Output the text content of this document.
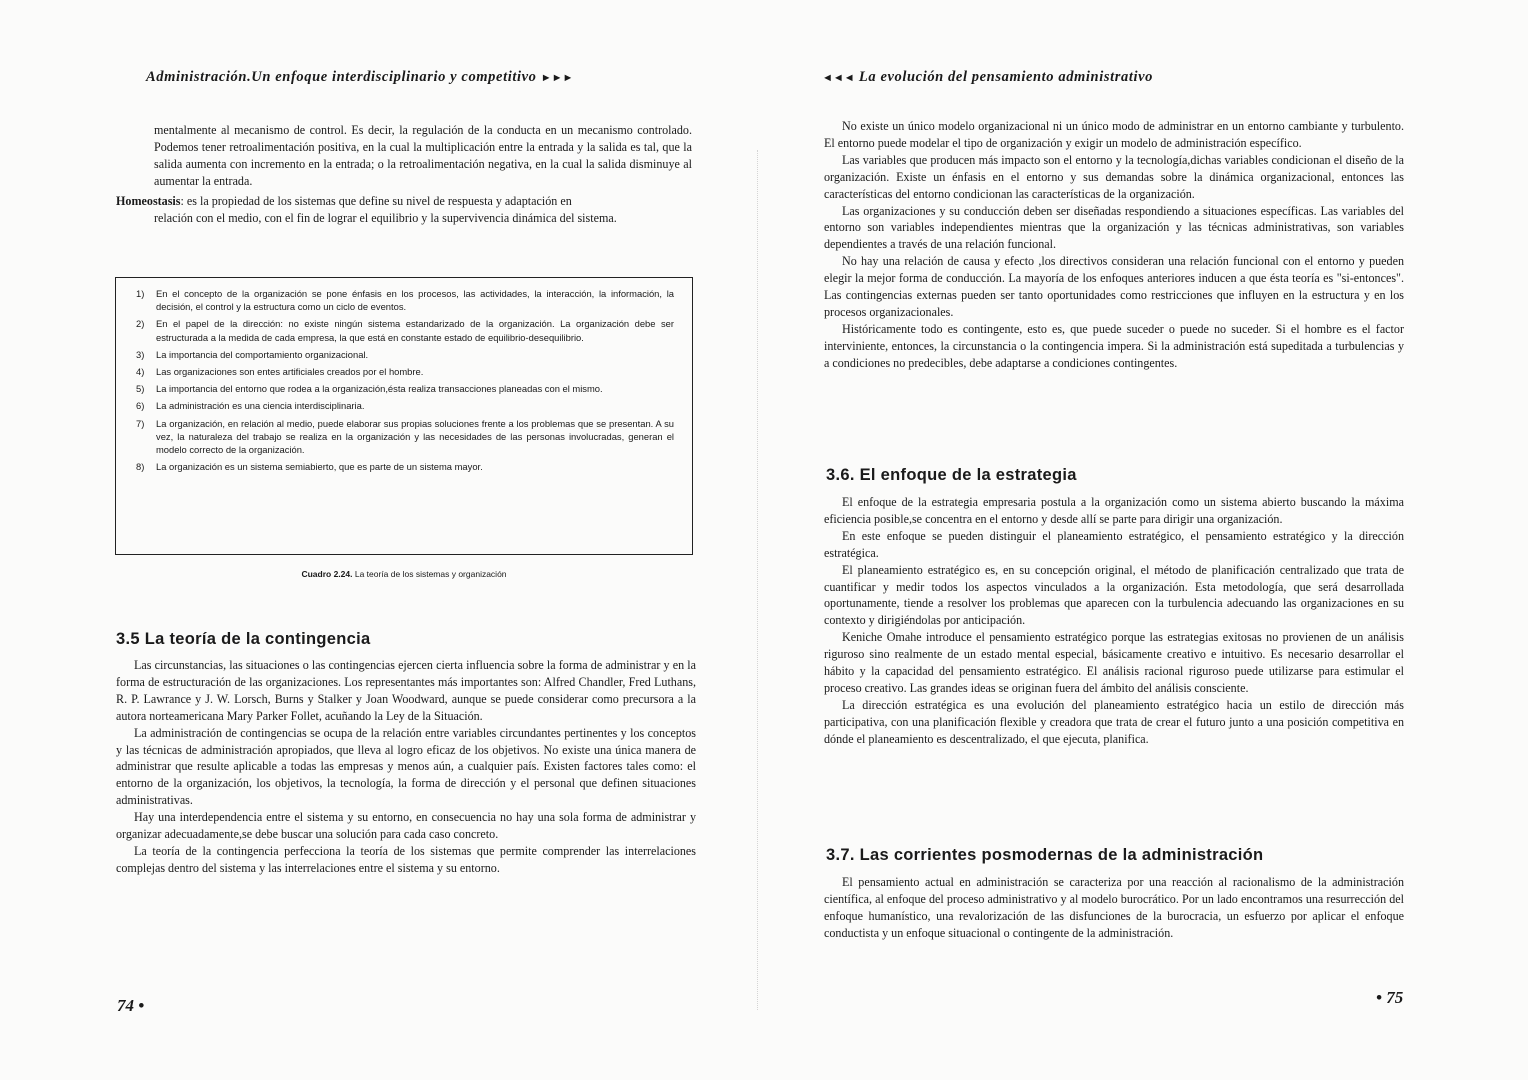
Administración.Un enfoque interdisciplinario y competitivo ►►►

mentalmente al mecanismo de control. Es decir, la regulación de la conducta en un mecanismo controlado. Podemos tener retroalimentación positiva, en la cual la multiplicación entre la entrada y la salida es tal, que la salida aumenta con incremento en la entrada; o la retroalimentación negativa, en la cual la salida disminuye al aumentar la entrada.

Homeostasis: es la propiedad de los sistemas que define su nivel de respuesta y adaptación en
relación con el medio, con el fin de lograr el equilibrio y la supervivencia dinámica del sistema.
1)	En el concepto de la organización se pone énfasis en los procesos, las actividades, la interacción, la información, la decisión, el control y la estructura como un ciclo de eventos.
2)	En el papel de la dirección: no existe ningún sistema estandarizado de la organización. La organización debe ser estructurada a la medida de cada empresa, la que está en constante estado de equilibrio-desequilibrio.
3)	La importancia del comportamiento organizacional.
4)	Las organizaciones son entes artificiales creados por el hombre.
5)	La importancia del entorno que rodea a la organización,ésta realiza transacciones planeadas con el mismo.
6)	La administración es una ciencia interdisciplinaria.
7)	La organización, en relación al medio, puede elaborar sus propias soluciones frente a los problemas que se presentan. A su vez, la naturaleza del trabajo se realiza en la organización y las necesidades de las personas involucradas, generan el modelo correcto de la organización.
8)	La organización es un sistema semiabierto, que es parte de un sistema mayor.
Cuadro 2.24. La teoría de los sistemas y organización
3.5 La teoría de la contingencia

Las circunstancias, las situaciones o las contingencias ejercen cierta influencia sobre la forma de administrar y en la forma de estructuración de las organizaciones. Los representantes más importantes son: Alfred Chandler, Fred Luthans, R. P. Lawrance y J. W. Lorsch, Burns y Stalker y Joan Woodward, aunque se puede considerar como precursora a la autora norteamericana Mary Parker Follet, acuñando la Ley de la Situación.

La administración de contingencias se ocupa de la relación entre variables circundantes pertinentes y los conceptos y las técnicas de administración apropiados, que lleva al logro eficaz de los objetivos. No existe una única manera de administrar que resulte aplicable a todas las empresas y menos aún, a cualquier país. Existen factores tales como: el entorno de la organización, los objetivos, la tecnología, la forma de dirección y el personal que definen situaciones administrativas.

Hay una interdependencia entre el sistema y su entorno, en consecuencia no hay una sola forma de administrar y organizar adecuadamente,se debe buscar una solución para cada caso concreto.

La teoría de la contingencia perfecciona la teoría de los sistemas que permite comprender las interrelaciones complejas dentro del sistema y las interrelaciones entre el sistema y su entorno.

74 •
◄◄◄ La evolución del pensamiento administrativo

No existe un único modelo organizacional ni un único modo de administrar en un entorno cambiante y turbulento. El entorno puede modelar el tipo de organización y exigir un modelo de administración específico.

Las variables que producen más impacto son el entorno y la tecnología,dichas variables condicionan el diseño de la organización. Existe un énfasis en el entorno y sus demandas sobre la dinámica organizacional, entonces las características del entorno condicionan las características de la organización.

Las organizaciones y su conducción deben ser diseñadas respondiendo a situaciones específicas. Las variables del entorno son variables independientes mientras que la organización y las técnicas administrativas, son variables dependientes a través de una relación funcional.

No hay una relación de causa y efecto ,los directivos consideran una relación funcional con el entorno y pueden elegir la mejor forma de conducción. La mayoría de los enfoques anteriores inducen a que ésta teoría es "si-entonces". Las contingencias externas pueden ser tanto oportunidades como restricciones que influyen en la estructura y en los procesos organizacionales.

Históricamente todo es contingente, esto es, que puede suceder o puede no suceder. Si el hombre es el factor interviniente, entonces, la circunstancia o la contingencia impera. Si la administración está supeditada a turbulencias y a condiciones no predecibles, debe adaptarse a condiciones contingentes.

3.6. El enfoque de la estrategia

El enfoque de la estrategia empresaria postula a la organización como un sistema abierto buscando la máxima eficiencia posible,se concentra en el entorno y desde allí se parte para dirigir una organización.

En este enfoque se pueden distinguir el planeamiento estratégico, el pensamiento estratégico y la dirección estratégica.

El planeamiento estratégico es, en su concepción original, el método de planificación centralizado que trata de cuantificar y medir todos los aspectos vinculados a la organización. Esta metodología, que será desarrollada oportunamente, tiende a resolver los problemas que aparecen con la turbulencia adecuando las organizaciones en su contexto y dirigiéndolas por anticipación.

Keniche Omahe introduce el pensamiento estratégico porque las estrategias exitosas no provienen de un análisis riguroso sino realmente de un estado mental especial, básicamente creativo e intuitivo. Es necesario desarrollar el hábito y la capacidad del pensamiento estratégico. El análisis racional riguroso puede utilizarse para estimular el proceso creativo. Las grandes ideas se originan fuera del ámbito del análisis consciente.

La dirección estratégica es una evolución del planeamiento estratégico hacia un estilo de dirección más participativa, con una planificación flexible y creadora que trata de crear el futuro junto a una posición competitiva en dónde el planeamiento es descentralizado, el que ejecuta, planifica.

3.7. Las corrientes posmodernas de la administración

El pensamiento actual en administración se caracteriza por una reacción al racionalismo de la administración científica, al enfoque del proceso administrativo y al modelo burocrático. Por un lado encontramos una resurrección del enfoque humanístico, una revalorización de las disfunciones de la burocracia, un esfuerzo por aplicar el enfoque conductista y un enfoque situacional o contingente de la administración.

• 75
